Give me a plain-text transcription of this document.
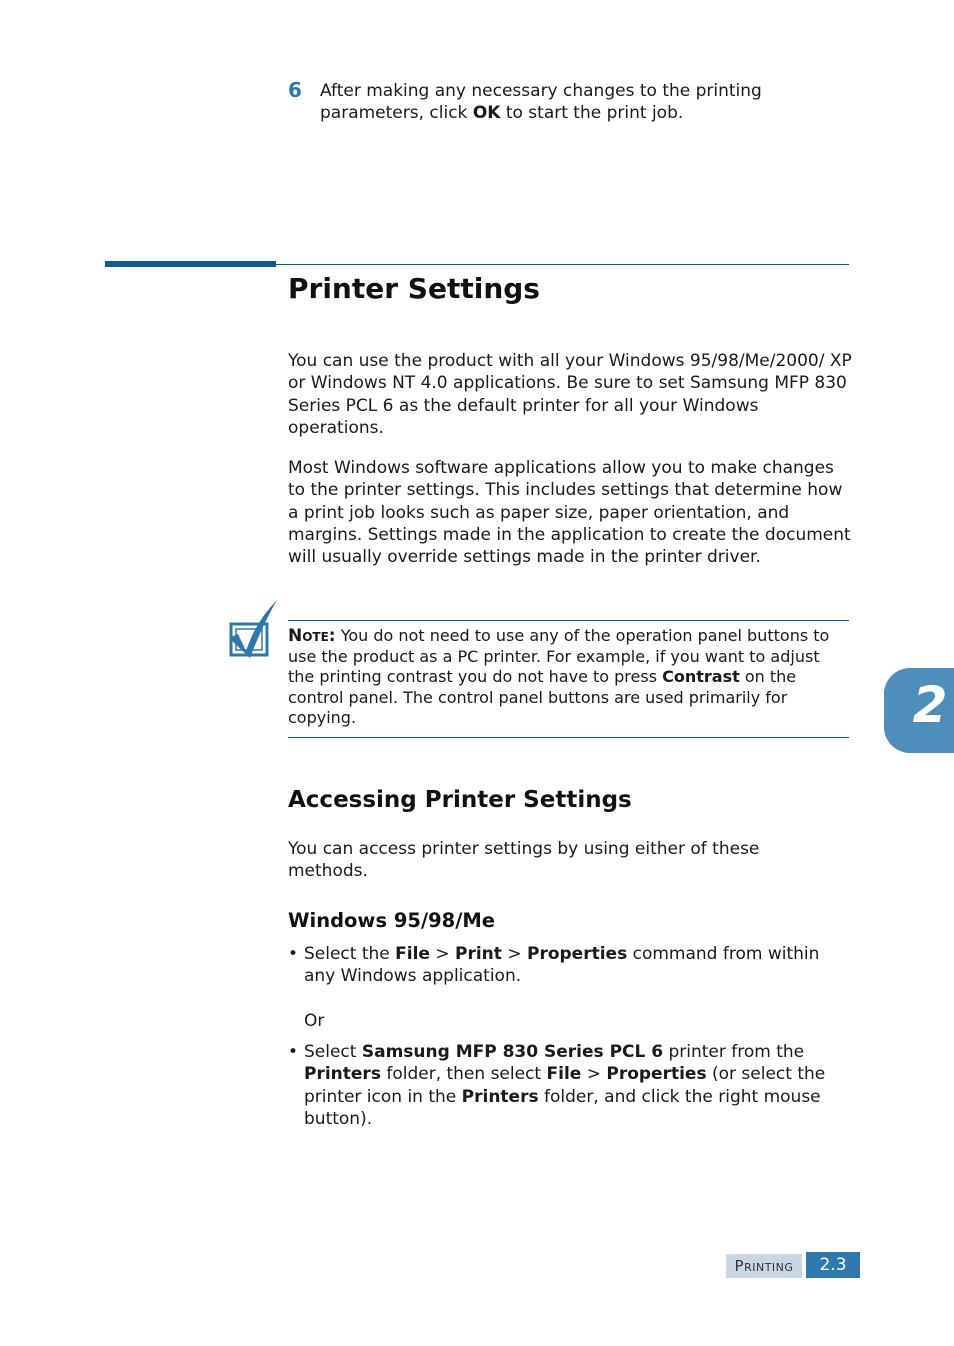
6 After making any necessary changes to the printing parameters, click OK to start the print job.
Printer Settings
You can use the product with all your Windows 95/98/Me/2000/ XP or Windows NT 4.0 applications. Be sure to set Samsung MFP 830 Series PCL 6 as the default printer for all your Windows operations.
Most Windows software applications allow you to make changes to the printer settings. This includes settings that determine how a print job looks such as paper size, paper orientation, and margins. Settings made in the application to create the document will usually override settings made in the printer driver.
Note: You do not need to use any of the operation panel buttons to use the product as a PC printer. For example, if you want to adjust the printing contrast you do not have to press Contrast on the control panel. The control panel buttons are used primarily for copying.	2
Accessing Printer Settings
You can access printer settings by using either of these methods.
Windows 95/98/Me
• Select the File > Print > Properties command from within any Windows application.
Or
• Select Samsung MFP 830 Series PCL 6 printer from the Printers folder, then select File > Properties (or select the printer icon in the Printers folder, and click the right mouse button).
Printing	2.3
